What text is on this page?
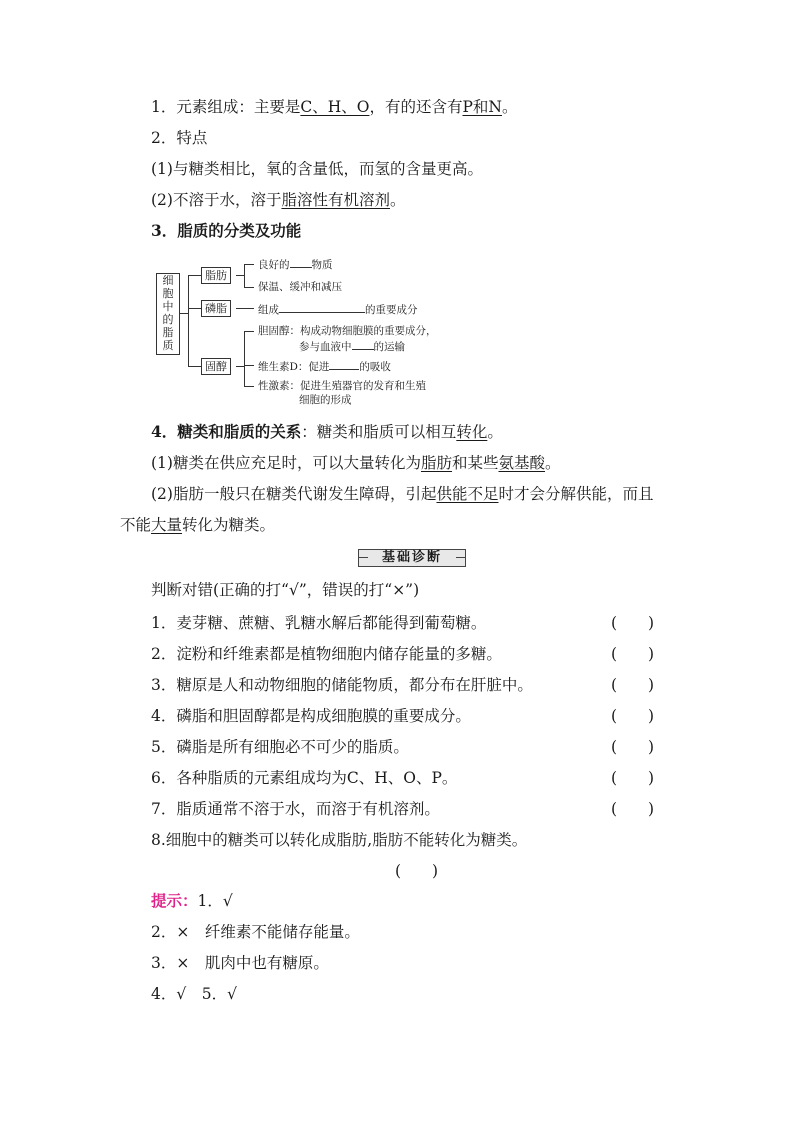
1．元素组成：主要是C、H、O，有的还含有P和N。
2．特点
(1)与糖类相比，氧的含量低，而氢的含量更高。
(2)不溶于水，溶于脂溶性有机溶剂。
3．脂质的分类及功能
细
胞
中
的
脂
质
脂肪
良好的 物质
保温、缓冲和减压
磷脂	组成	的重要成分
固醇
胆固醇：构成动物细胞膜的重要成分，
参与血液中 的运输
维生素D：促进	的吸收
性激素：促进生殖器官的发育和生殖
细胞的形成
4．糖类和脂质的关系：糖类和脂质可以相互转化。
(1)糖类在供应充足时，可以大量转化为脂肪和某些氨基酸。
(2)脂肪一般只在糖类代谢发生障碍，引起供能不足时才会分解供能，而且
不能大量转化为糖类。
基础诊断
判断对错(正确的打“√”，错误的打“×”)
1．麦芽糖、蔗糖、乳糖水解后都能得到葡萄糖。	(　　)
2．淀粉和纤维素都是植物细胞内储存能量的多糖。	(　　)
3．糖原是人和动物细胞的储能物质，都分布在肝脏中。	(　　)
4．磷脂和胆固醇都是构成细胞膜的重要成分。	(　　)
5．磷脂是所有细胞必不可少的脂质。	(　　)
6．各种脂质的元素组成均为C、H、O、P。	(　　)
7．脂质通常不溶于水，而溶于有机溶剂。	(　　)
8.细胞中的糖类可以转化成脂肪,脂肪不能转化为糖类。
(　　)
提示：1．√
2．×　纤维素不能储存能量。
3．×　肌肉中也有糖原。
4．√　5．√
